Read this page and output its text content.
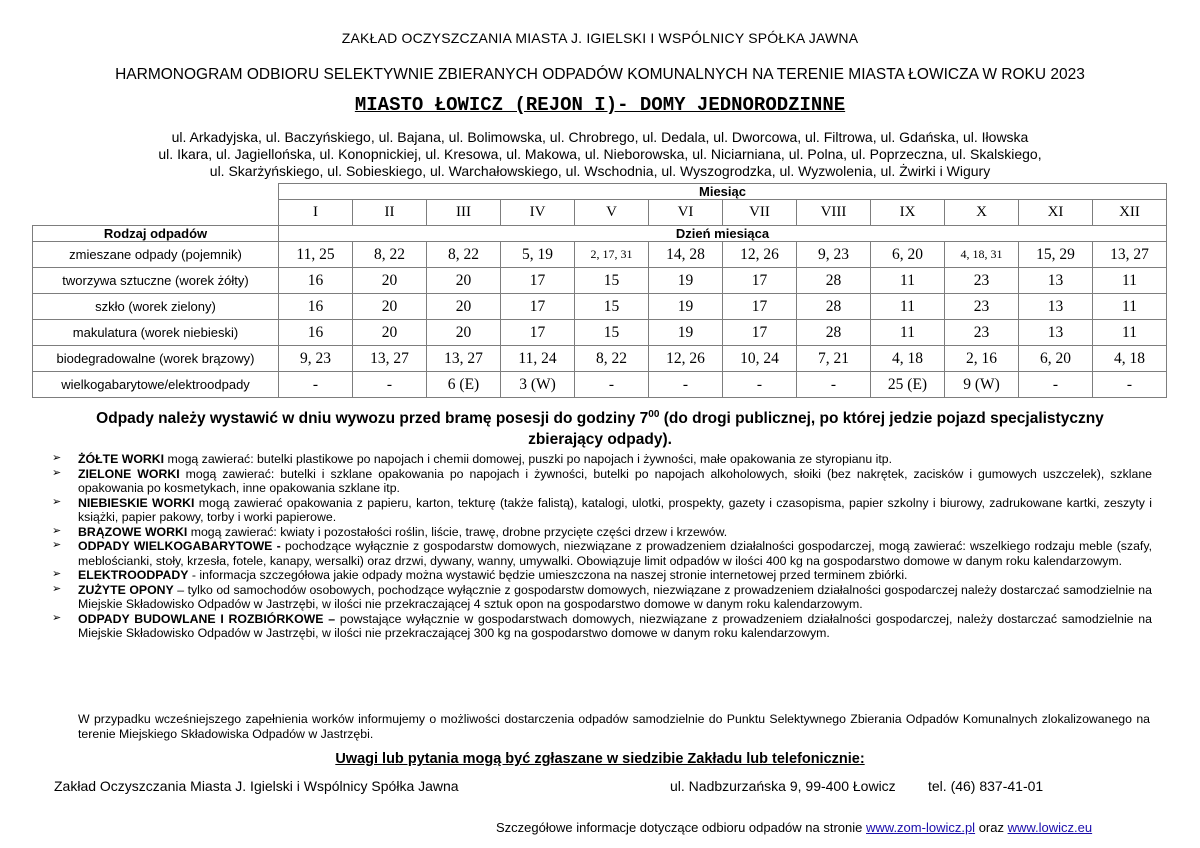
ZAKŁAD OCZYSZCZANIA MIASTA J. IGIELSKI I WSPÓLNICY SPÓŁKA JAWNA
HARMONOGRAM ODBIORU SELEKTYWNIE ZBIERANYCH ODPADÓW KOMUNALNYCH NA TERENIE MIASTA ŁOWICZA W ROKU 2023
MIASTO ŁOWICZ (REJON I)- DOMY JEDNORODZINNE
ul. Arkadyjska, ul. Baczyńskiego, ul. Bajana, ul. Bolimowska, ul. Chrobrego, ul. Dedala, ul. Dworcowa, ul. Filtrowa, ul. Gdańska, ul. Iłowska
ul. Ikara, ul. Jagiellońska, ul. Konopnickiej, ul. Kresowa, ul. Makowa, ul. Nieborowska, ul. Niciarniana, ul. Polna, ul. Poprzeczna, ul. Skalskiego,
ul. Skarżyńskiego, ul. Sobieskiego, ul. Warchałowskiego, ul. Wschodnia, ul. Wyszogrodzka, ul. Wyzwolenia, ul. Żwirki i Wigury
	Miesiąc											
	I	II	III	IV	V	VI	VII	VIII	IX	X	XI	XII
Rodzaj odpadów	Dzień miesiąca											
zmieszane odpady (pojemnik)	11, 25	8, 22	8, 22	5, 19	2, 17, 31	14, 28	12, 26	9, 23	6, 20	4, 18, 31	15, 29	13, 27
tworzywa sztuczne (worek żółty)	16	20	20	17	15	19	17	28	11	23	13	11
szkło (worek zielony)	16	20	20	17	15	19	17	28	11	23	13	11
makulatura (worek niebieski)	16	20	20	17	15	19	17	28	11	23	13	11
biodegradowalne (worek brązowy)	9, 23	13, 27	13, 27	11, 24	8, 22	12, 26	10, 24	7, 21	4, 18	2, 16	6, 20	4, 18
wielkogabarytowe/elektroodpady	-	-	6 (E)	3 (W)	-	-	-	-	25 (E)	9 (W)	-	-
Odpady należy wystawić w dniu wywozu przed bramę posesji do godziny $7^{00}$ (do drogi publicznej, po której jedzie pojazd specjalistyczny zbierający odpady).
➢ ŻÓŁTE WORKI mogą zawierać: butelki plastikowe po napojach i chemii domowej, puszki po napojach i żywności, małe opakowania ze styropianu itp.
➢ ZIELONE WORKI mogą zawierać: butelki i szklane opakowania po napojach i żywności, butelki po napojach alkoholowych, słoiki (bez nakrętek, zacisków i gumowych uszczelek), szklane opakowania po kosmetykach, inne opakowania szklane itp.
➢ NIEBIESKIE WORKI mogą zawierać opakowania z papieru, karton, tekturę (także falistą), katalogi, ulotki, prospekty, gazety i czasopisma, papier szkolny i biurowy, zadrukowane kartki, zeszyty i książki, papier pakowy, torby i worki papierowe.
➢ BRĄZOWE WORKI mogą zawierać: kwiaty i pozostałości roślin, liście, trawę, drobne przycięte części drzew i krzewów.
➢ ODPADY WIELKOGABARYTOWE - pochodzące wyłącznie z gospodarstw domowych, niezwiązane z prowadzeniem działalności gospodarczej, mogą zawierać: wszelkiego rodzaju meble (szafy, meblościanki, stoły, krzesła, fotele, kanapy, wersalki) oraz drzwi, dywany, wanny, umywalki. Obowiązuje limit odpadów w ilości 400 kg na gospodarstwo domowe w danym roku kalendarzowym.
➢ ELEKTROODPADY - informacja szczegółowa jakie odpady można wystawić będzie umieszczona na naszej stronie internetowej przed terminem zbiórki.
➢ ZUŻYTE OPONY – tylko od samochodów osobowych, pochodzące wyłącznie z gospodarstw domowych, niezwiązane z prowadzeniem działalności gospodarczej należy dostarczać samodzielnie na Miejskie Składowisko Odpadów w Jastrzębi, w ilości nie przekraczającej 4 sztuk opon na gospodarstwo domowe w danym roku kalendarzowym.
➢ ODPADY BUDOWLANE I ROZBIÓRKOWE – powstające wyłącznie w gospodarstwach domowych, niezwiązane z prowadzeniem działalności gospodarczej, należy dostarczać samodzielnie na Miejskie Składowisko Odpadów w Jastrzębi, w ilości nie przekraczającej 300 kg na gospodarstwo domowe w danym roku kalendarzowym.
W przypadku wcześniejszego zapełnienia worków informujemy o możliwości dostarczenia odpadów samodzielnie do Punktu Selektywnego Zbierania Odpadów Komunalnych zlokalizowanego na terenie Miejskiego Składowiska Odpadów w Jastrzębi.
Uwagi lub pytania mogą być zgłaszane w siedzibie Zakładu lub telefonicznie:
Zakład Oczyszczania Miasta J. Igielski i Wspólnicy Spółka Jawna	ul. Nadbzurzańska 9, 99-400 Łowicz tel. (46) 837-41-01
Szczegółowe informacje dotyczące odbioru odpadów na stronie www.zom-lowicz.pl oraz www.lowicz.eu
